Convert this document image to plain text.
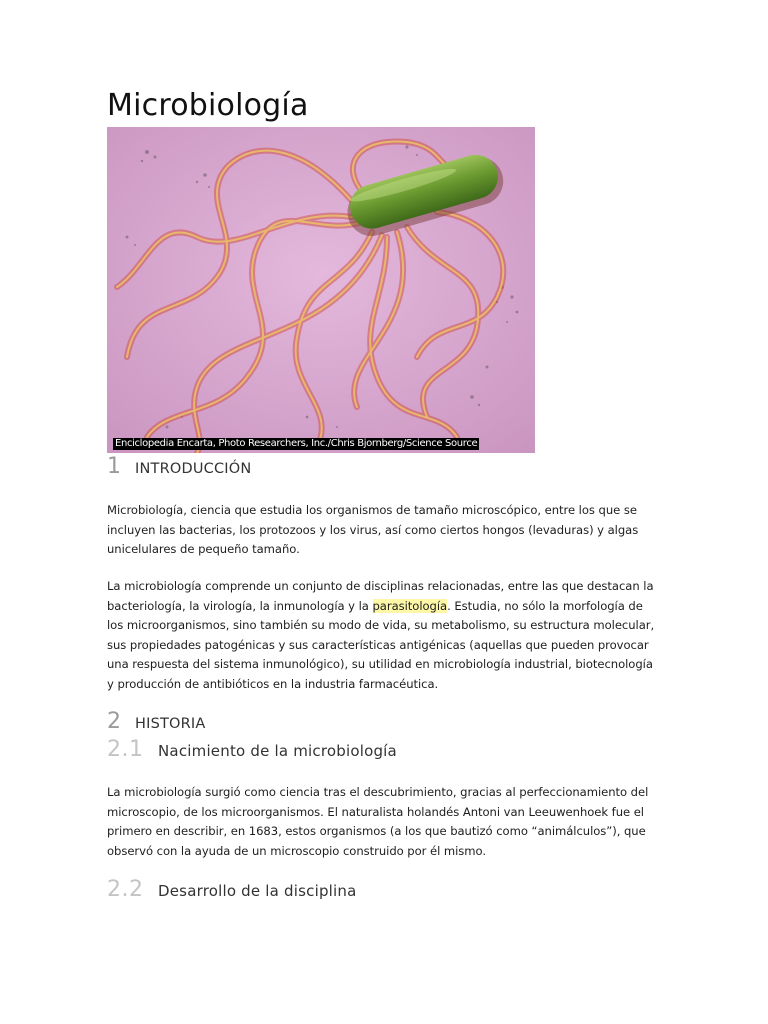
Microbiología
Enciclopedia Encarta, Photo Researchers, Inc./Chris Bjornberg/Science Source
1 INTRODUCCIÓN

Microbiología, ciencia que estudia los organismos de tamaño microscópico, entre los que se incluyen las bacterias, los protozoos y los virus, así como ciertos hongos (levaduras) y algas unicelulares de pequeño tamaño.

La microbiología comprende un conjunto de disciplinas relacionadas, entre las que destacan la bacteriología, la virología, la inmunología y la parasitología. Estudia, no sólo la morfología de los microorganismos, sino también su modo de vida, su metabolismo, su estructura molecular, sus propiedades patogénicas y sus características antigénicas (aquellas que pueden provocar una respuesta del sistema inmunológico), su utilidad en microbiología industrial, biotecnología y producción de antibióticos en la industria farmacéutica.

2 HISTORIA
2.1 Nacimiento de la microbiología

La microbiología surgió como ciencia tras el descubrimiento, gracias al perfeccionamiento del microscopio, de los microorganismos. El naturalista holandés Antoni van Leeuwenhoek fue el primero en describir, en 1683, estos organismos (a los que bautizó como “animálculos”), que observó con la ayuda de un microscopio construido por él mismo.

2.2 Desarrollo de la disciplina
